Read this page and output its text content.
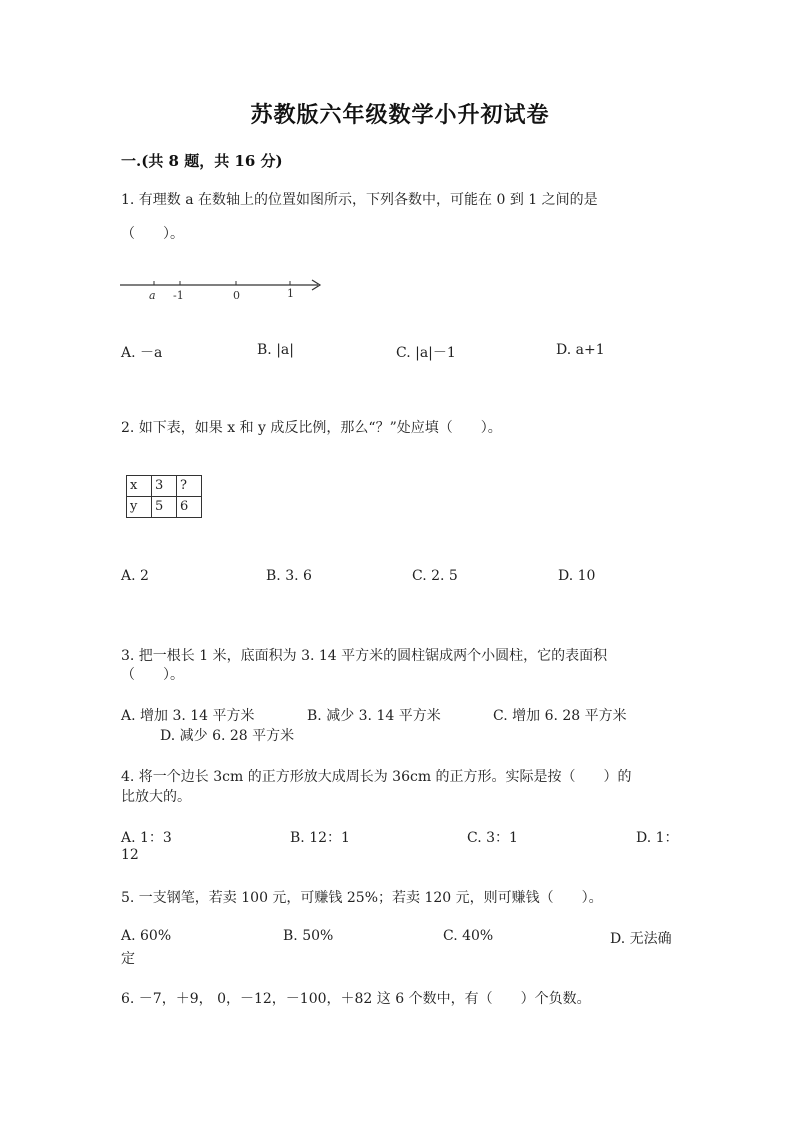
苏教版六年级数学小升初试卷
一.(共 8 题，共 16 分)
1. 有理数 a 在数轴上的位置如图所示，下列各数中，可能在 0 到 1 之间的是
（　　）。
a -1	0	1
A. －a	B. |a|	C. |a|－1	D. a+1
2. 如下表，如果 x 和 y 成反比例，那么“？”处应填（　　）。
x	3	?
y	5	6
A. 2	B. 3. 6	C. 2. 5	D. 10
3. 把一根长 1 米，底面积为 3. 14 平方米的圆柱锯成两个小圆柱，它的表面积
（　　）。
A. 增加 3. 14 平方米	B. 减少 3. 14 平方米	C. 增加 6. 28 平方米
D. 减少 6. 28 平方米
4. 将一个边长 3cm 的正方形放大成周长为 36cm 的正方形。实际是按（　　）的
比放大的。
A. 1：3	B. 12：1	C. 3：1	D. 1：
12
5. 一支钢笔，若卖 100 元，可赚钱 25%；若卖 120 元，则可赚钱（　　）。
A. 60%	B. 50%	C. 40%	D. 无法确
定
6. －7，＋9， 0，－12，－100，＋82 这 6 个数中，有（　　）个负数。
